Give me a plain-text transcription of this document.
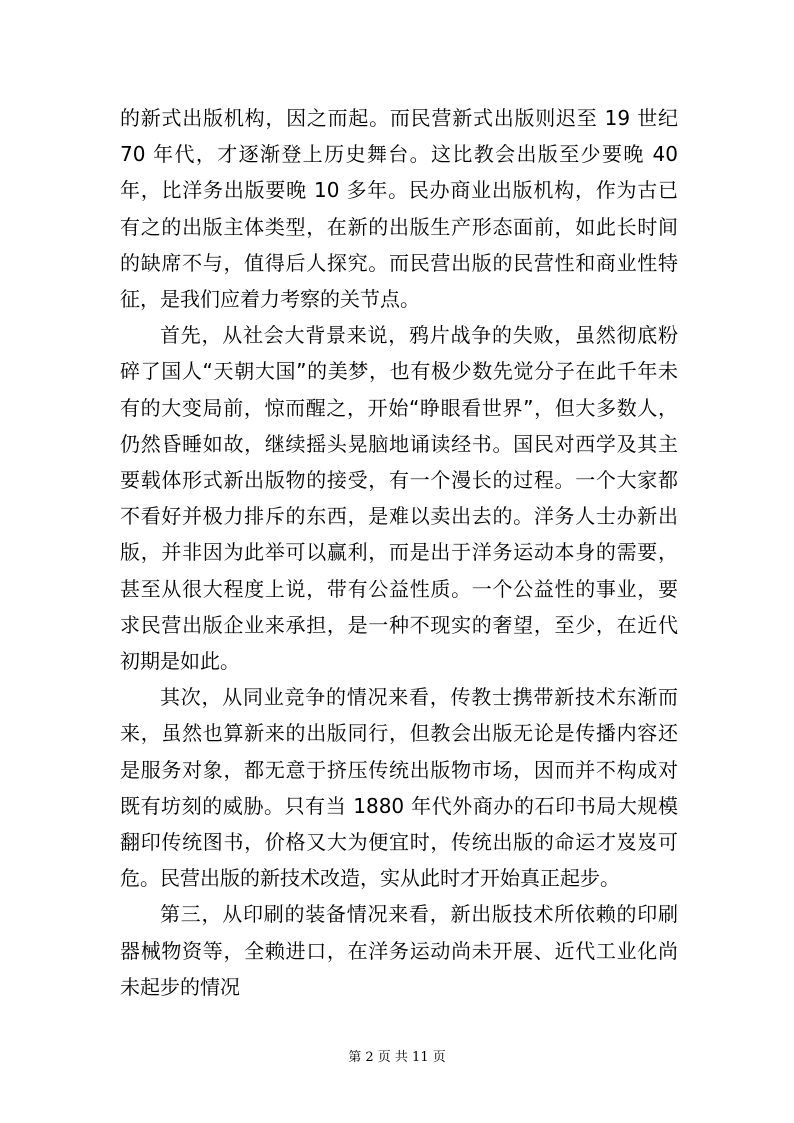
的新式出版机构，因之而起。而民营新式出版则迟至 19 世纪 70 年代，才逐渐登上历史舞台。这比教会出版至少要晚 40 年，比洋务出版要晚 10 多年。民办商业出版机构，作为古已有之的出版主体类型，在新的出版生产形态面前，如此长时间的缺席不与，值得后人探究。而民营出版的民营性和商业性特征，是我们应着力考察的关节点。

首先，从社会大背景来说，鸦片战争的失败，虽然彻底粉碎了国人“天朝大国”的美梦，也有极少数先觉分子在此千年未有的大变局前，惊而醒之，开始“睁眼看世界”，但大多数人，仍然昏睡如故，继续摇头晃脑地诵读经书。国民对西学及其主要载体形式新出版物的接受，有一个漫长的过程。一个大家都不看好并极力排斥的东西，是难以卖出去的。洋务人士办新出版，并非因为此举可以赢利，而是出于洋务运动本身的需要，甚至从很大程度上说，带有公益性质。一个公益性的事业，要求民营出版企业来承担，是一种不现实的奢望，至少，在近代初期是如此。

其次，从同业竞争的情况来看，传教士携带新技术东渐而来，虽然也算新来的出版同行，但教会出版无论是传播内容还是服务对象，都无意于挤压传统出版物市场，因而并不构成对既有坊刻的威胁。只有当 1880 年代外商办的石印书局大规模翻印传统图书，价格又大为便宜时，传统出版的命运才岌岌可危。民营出版的新技术改造，实从此时才开始真正起步。

第三，从印刷的装备情况来看，新出版技术所依赖的印刷器械物资等，全赖进口，在洋务运动尚未开展、近代工业化尚未起步的情况

第 2 页 共 11 页
